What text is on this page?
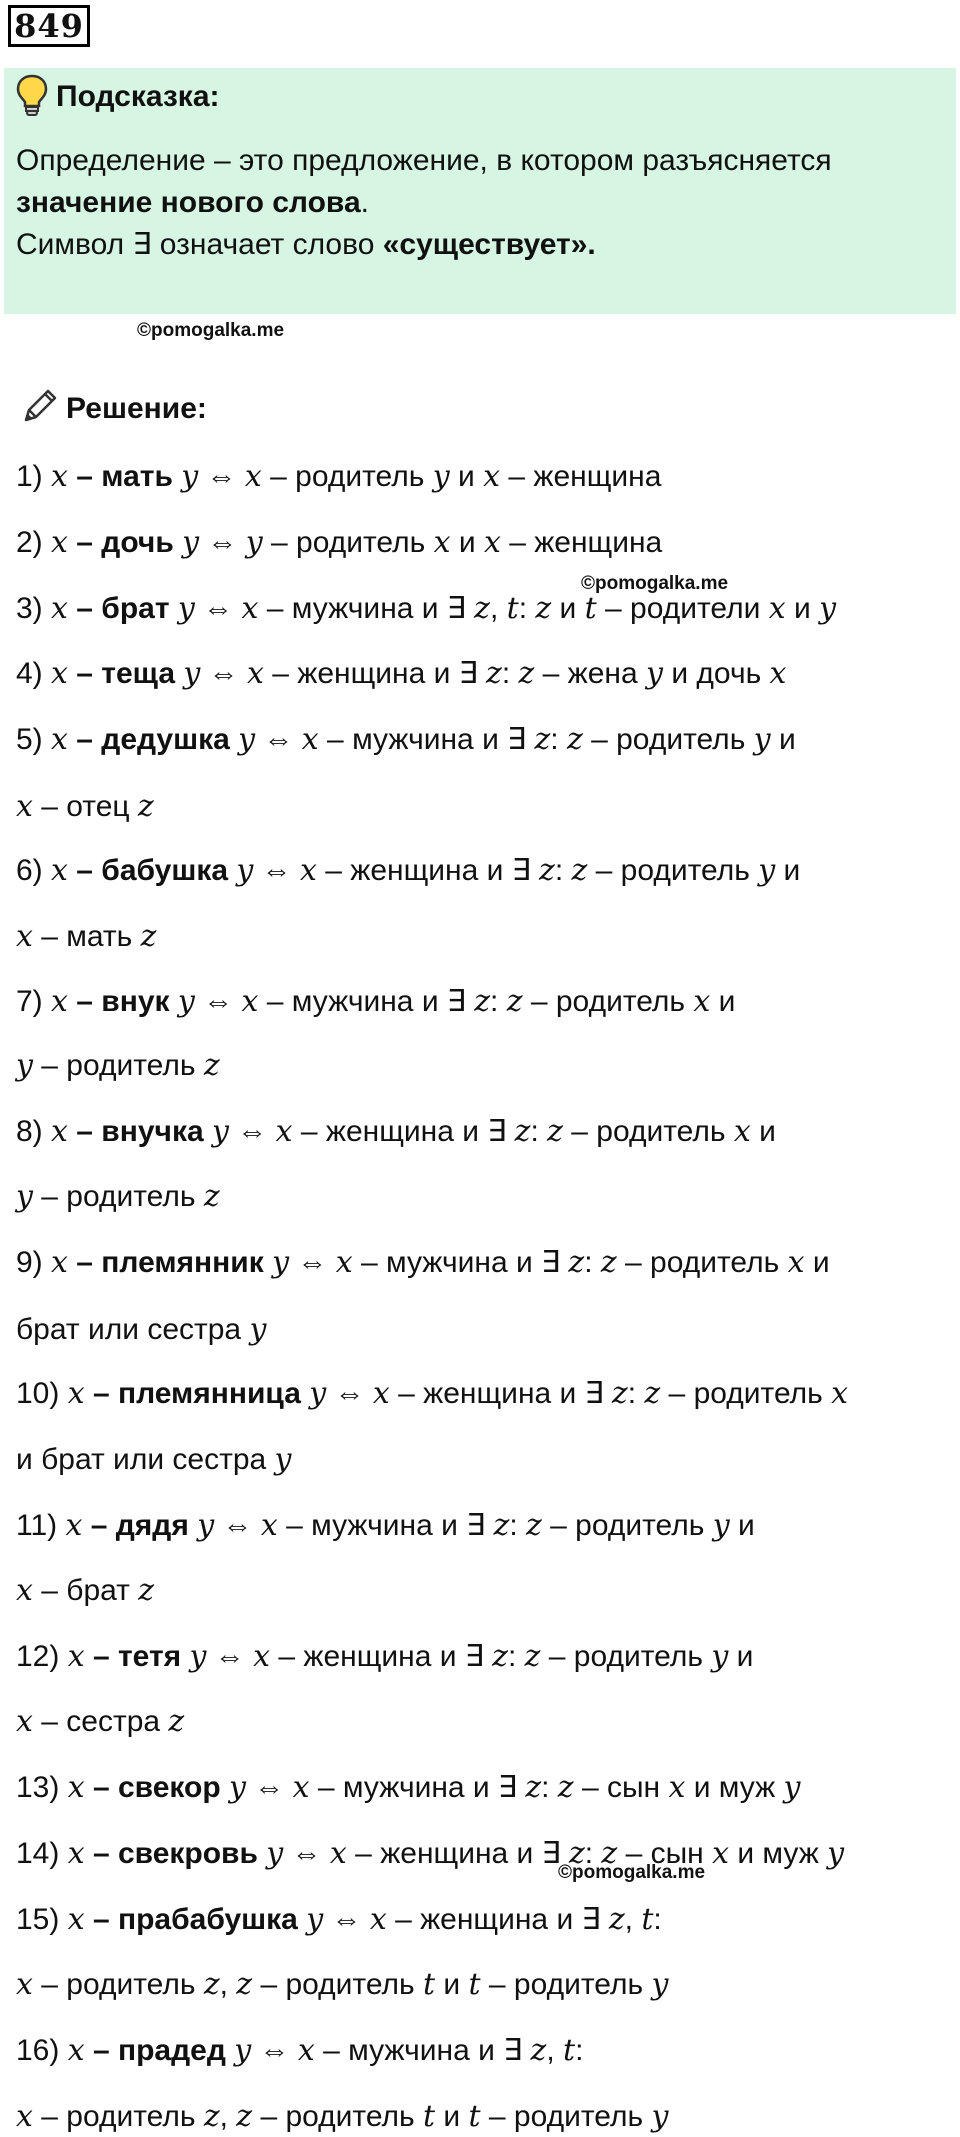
849
Подсказка:
Определение – это предложение, в котором разъясняется
значение нового слова.
Символ ∃ означает слово «существует».
©pomogalka.me
©pomogalka.me
©pomogalka.me
Решение:
1) x – мать y ⇔ x – родитель y и x – женщина
2) x – дочь y ⇔ y – родитель x и x – женщина
3) x – брат y ⇔ x – мужчина и ∃ z, t: z и t – родители x и y
4) x – теща y ⇔ x – женщина и ∃ z: z – жена y и дочь x
5) x – дедушка y ⇔ x – мужчина и ∃ z: z – родитель y и
x – отец z
6) x – бабушка y ⇔ x – женщина и ∃ z: z – родитель y и
x – мать z
7) x – внук y ⇔ x – мужчина и ∃ z: z – родитель x и
y – родитель z
8) x – внучка y ⇔ x – женщина и ∃ z: z – родитель x и
y – родитель z
9) x – племянник y ⇔ x – мужчина и ∃ z: z – родитель x и
брат или сестра y
10) x – племянница y ⇔ x – женщина и ∃ z: z – родитель x
и брат или сестра y
11) x – дядя y ⇔ x – мужчина и ∃ z: z – родитель y и
x – брат z
12) x – тетя y ⇔ x – женщина и ∃ z: z – родитель y и
x – сестра z
13) x – свекор y ⇔ x – мужчина и ∃ z: z – сын x и муж y
14) x – свекровь y ⇔ x – женщина и ∃ z: z – сын x и муж y
15) x – прабабушка y ⇔ x – женщина и ∃ z, t:
x – родитель z, z – родитель t и t – родитель y
16) x – прадед y ⇔ x – мужчина и ∃ z, t:
x – родитель z, z – родитель t и t – родитель y
